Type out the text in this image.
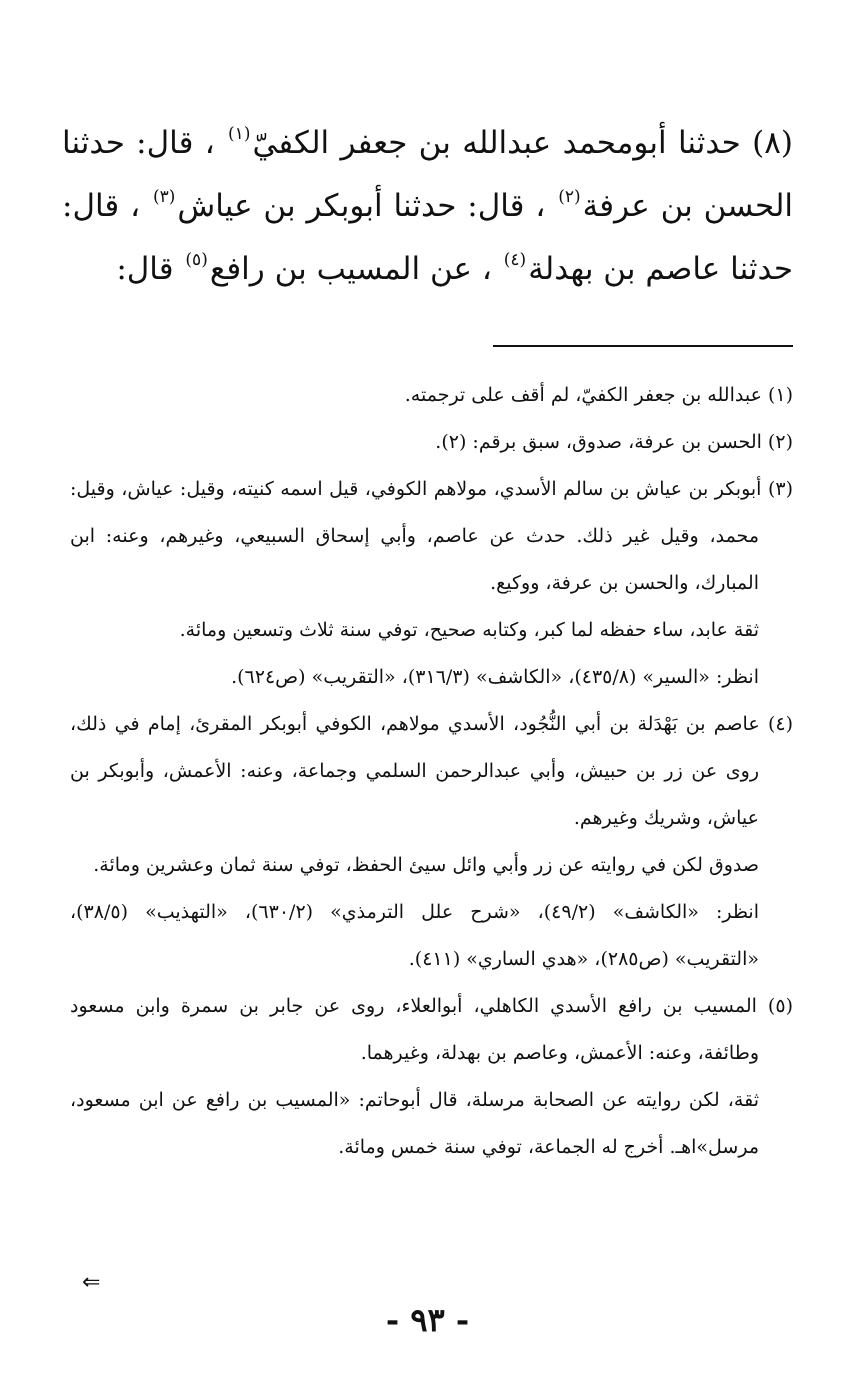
(٨) حدثنا أبومحمد عبدالله بن جعفر الكفيّ$^{(١)}$ ، قال: حدثنا الحسن بن عرفة$^{(٢)}$ ، قال: حدثنا أبوبكر بن عياش$^{(٣)}$ ، قال: حدثنا عاصم بن بهدلة$^{(٤)}$ ، عن المسيب بن رافع$^{(٥)}$ قال:

(١) عبدالله بن جعفر الكفيّ، لم أقف على ترجمته.

(٢) الحسن بن عرفة، صدوق، سبق برقم: (٢).

(٣) أبوبكر بن عياش بن سالم الأسدي، مولاهم الكوفي، قيل اسمه كنيته، وقيل: عياش، وقيل: محمد، وقيل غير ذلك. حدث عن عاصم، وأبي إسحاق السبيعي، وغيرهم، وعنه: ابن المبارك، والحسن بن عرفة، ووكيع.

ثقة عابد، ساء حفظه لما كبر، وكتابه صحيح، توفي سنة ثلاث وتسعين ومائة.

انظر: «السير» (٤٣٥/٨)، «الكاشف» (٣١٦/٣)، «التقريب» (ص٦٢٤).

(٤) عاصم بن بَهْدَلة بن أبي النُّجُود، الأسدي مولاهم، الكوفي أبوبكر المقرئ، إمام في ذلك، روى عن زر بن حبيش، وأبي عبدالرحمن السلمي وجماعة، وعنه: الأعمش، وأبوبكر بن عياش، وشريك وغيرهم.

صدوق لكن في روايته عن زر وأبي وائل سيئ الحفظ، توفي سنة ثمان وعشرين ومائة.

انظر: «الكاشف» (٤٩/٢)، «شرح علل الترمذي» (٦٣٠/٢)، «التهذيب» (٣٨/٥)، «التقريب» (ص٢٨٥)، «هدي الساري» (٤١١).

(٥) المسيب بن رافع الأسدي الكاهلي، أبوالعلاء، روى عن جابر بن سمرة وابن مسعود وطائفة، وعنه: الأعمش، وعاصم بن بهدلة، وغيرهما.

ثقة، لكن روايته عن الصحابة مرسلة، قال أبوحاتم: «المسيب بن رافع عن ابن مسعود، مرسل»اهـ. أخرج له الجماعة، توفي سنة خمس ومائة.

⇐
- ٩٣ -
